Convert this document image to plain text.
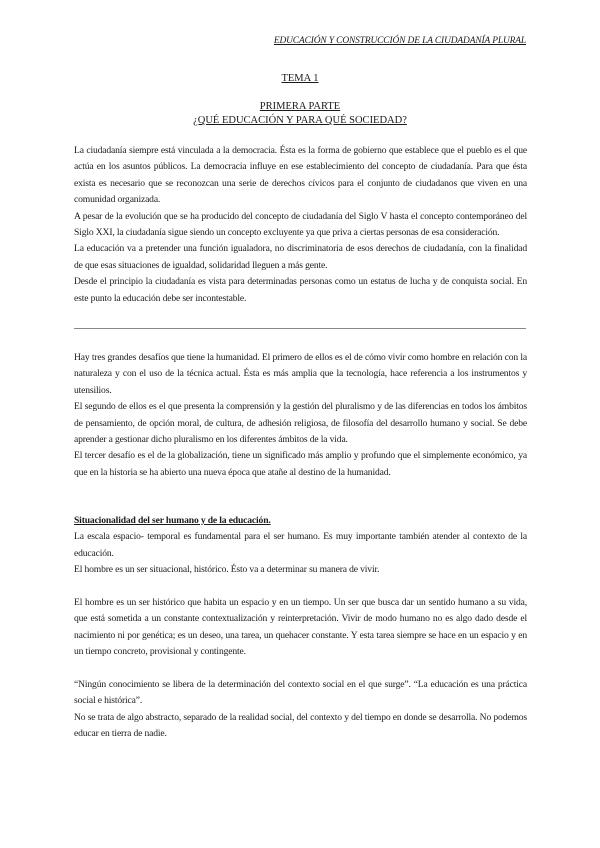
EDUCACIÓN Y CONSTRUCCIÓN DE LA CIUDADANÍA PLURAL
TEMA 1
PRIMERA PARTE
¿QUÉ EDUCACIÓN Y PARA QUÉ SOCIEDAD?

La ciudadanía siempre está vinculada a la democracia. Ésta es la forma de gobierno que establece que el pueblo es el que actúa en los asuntos públicos. La democracia influye en ese establecimiento del concepto de ciudadanía. Para que ésta exista es necesario que se reconozcan una serie de derechos cívicos para el conjunto de ciudadanos que viven en una comunidad organizada.

A pesar de la evolución que se ha producido del concepto de ciudadanía del Siglo V hasta el concepto contemporáneo del Siglo XXI, la ciudadanía sigue siendo un concepto excluyente ya que priva a ciertas personas de esa consideración.

La educación va a pretender una función igualadora, no discriminatoria de esos derechos de ciudadanía, con la finalidad de que esas situaciones de igualdad, solidaridad lleguen a más gente.

Desde el principio la ciudadanía es vista para determinadas personas como un estatus de lucha y de conquista social. En este punto la educación debe ser incontestable.

Hay tres grandes desafíos que tiene la humanidad. El primero de ellos es el de cómo vivir como hombre en relación con la naturaleza y con el uso de la técnica actual. Ésta es más amplia que la tecnología, hace referencia a los instrumentos y utensilios.

El segundo de ellos es el que presenta la comprensión y la gestión del pluralismo y de las diferencias en todos los ámbitos de pensamiento, de opción moral, de cultura, de adhesión religiosa, de filosofía del desarrollo humano y social. Se debe aprender a gestionar dicho pluralismo en los diferentes ámbitos de la vida.

El tercer desafío es el de la globalización, tiene un significado más amplio y profundo que el simplemente económico, ya que en la historia se ha abierto una nueva época que atañe al destino de la humanidad.

Situacionalidad del ser humano y de la educación.

La escala espacio- temporal es fundamental para el ser humano. Es muy importante también atender al contexto de la educación.

El hombre es un ser situacional, histórico. Ésto va a determinar su manera de vivir.

El hombre es un ser histórico que habita un espacio y en un tiempo. Un ser que busca dar un sentido humano a su vida, que está sometida a un constante contextualización y reinterpretación. Vivir de modo humano no es algo dado desde el nacimiento ni por genética; es un deseo, una tarea, un quehacer constante. Y esta tarea siempre se hace en un espacio y en un tiempo concreto, provisional y contingente.

“Ningún conocimiento se libera de la determinación del contexto social en el que surge”. “La educación es una práctica social e histórica”.

No se trata de algo abstracto, separado de la realidad social, del contexto y del tiempo en donde se desarrolla. No podemos educar en tierra de nadie.
